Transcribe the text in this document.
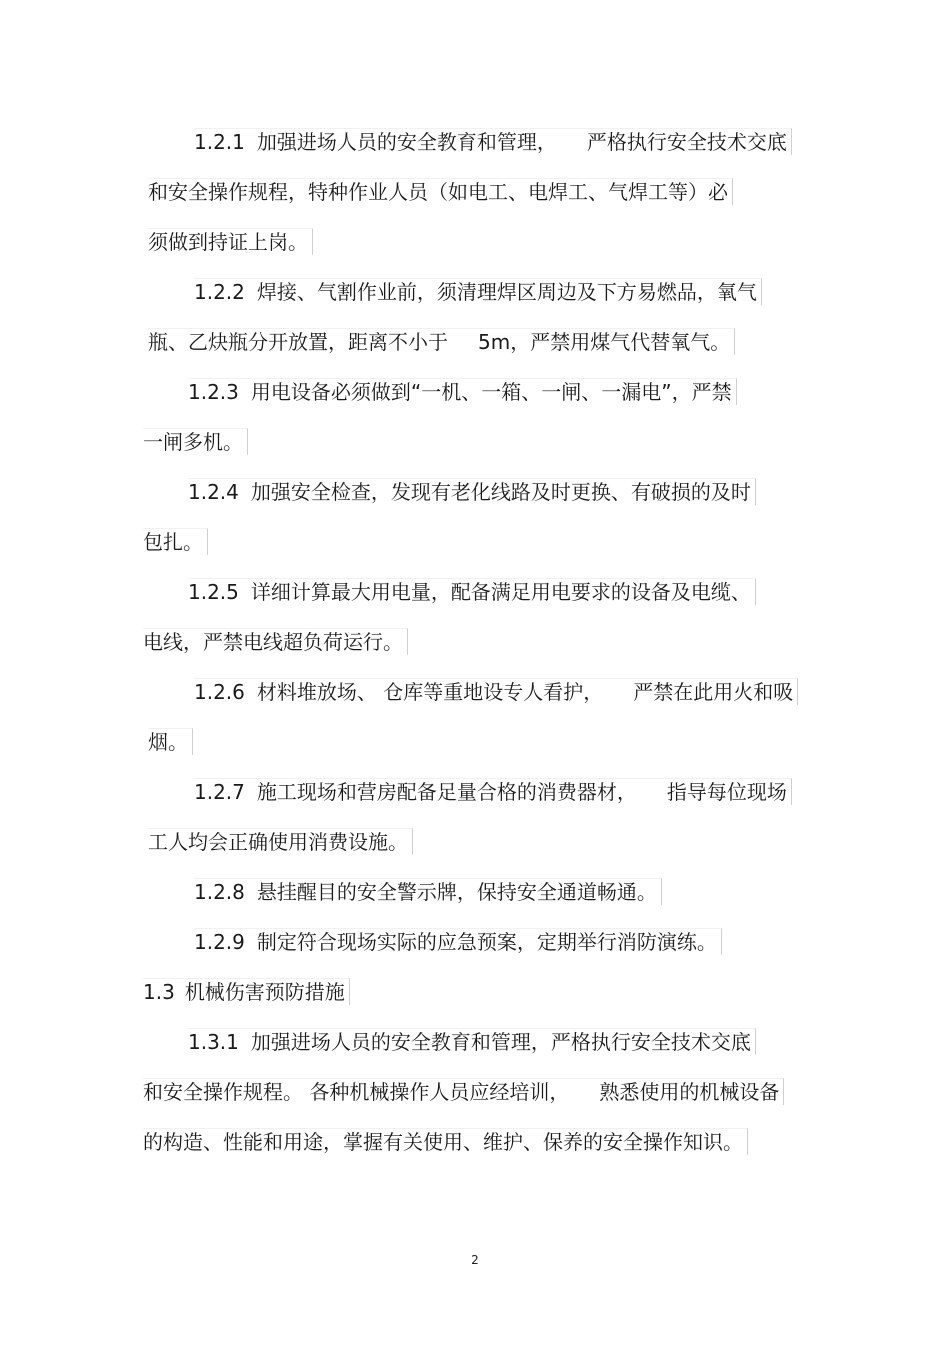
1.2.1 加强进场人员的安全教育和管理， 严格执行安全技术交底
和安全操作规程，特种作业人员（如电工、电焊工、气焊工等）必
须做到持证上岗。
1.2.2 焊接、气割作业前，须清理焊区周边及下方易燃品，氧气
瓶、乙炔瓶分开放置，距离不小于 5m，严禁用煤气代替氧气。
1.2.3 用电设备必须做到“一机、一箱、一闸、一漏电”，严禁
一闸多机。
1.2.4 加强安全检查，发现有老化线路及时更换、有破损的及时
包扎。
1.2.5 详细计算最大用电量，配备满足用电要求的设备及电缆、
电线，严禁电线超负荷运行。
1.2.6 材料堆放场、 仓库等重地设专人看护， 严禁在此用火和吸
烟。
1.2.7 施工现场和营房配备足量合格的消费器材， 指导每位现场
工人均会正确使用消费设施。
1.2.8 悬挂醒目的安全警示牌，保持安全通道畅通。
1.2.9 制定符合现场实际的应急预案，定期举行消防演练。
1.3 机械伤害预防措施
1.3.1 加强进场人员的安全教育和管理，严格执行安全技术交底
和安全操作规程。 各种机械操作人员应经培训， 熟悉使用的机械设备
的构造、性能和用途，掌握有关使用、维护、保养的安全操作知识。
2
